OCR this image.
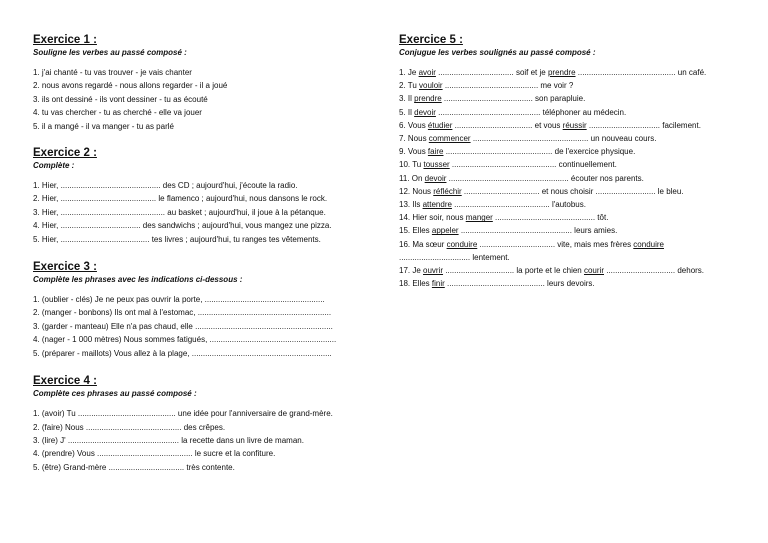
Exercice 1 :
Souligne les verbes au passé composé :
1. j'ai chanté - tu vas trouver - je vais chanter
2. nous avons regardé - nous allons regarder - il a joué
3. ils ont dessiné - ils vont dessiner - tu as écouté
4. tu vas chercher - tu as cherché - elle va jouer
5. il a mangé - il va manger - tu as parlé
Exercice 2 :
Complète :
1. Hier, ............................................. des CD ; aujourd'hui, j'écoute la radio.
2. Hier, ........................................... le flamenco ; aujourd'hui, nous dansons le rock.
3. Hier, ............................................... au basket ; aujourd'hui, il joue à la pétanque.
4. Hier, .................................... des sandwichs ; aujourd'hui, vous mangez une pizza.
5. Hier, ........................................ tes livres ; aujourd'hui, tu ranges tes vêtements.
Exercice 3 :
Complète les phrases avec les indications ci-dessous :
1. (oublier - clés) Je ne peux pas ouvrir la porte, ......................................................
2. (manger - bonbons) Ils ont mal à l'estomac, ............................................................
3. (garder - manteau) Elle n'a pas chaud, elle ..............................................................
4. (nager - 1 000 mètres) Nous sommes fatigués, .........................................................
5. (préparer - maillots) Vous allez à la plage, ...............................................................
Exercice 4 :
Complète ces phrases au passé composé :
1. (avoir) Tu ............................................ une idée pour l'anniversaire de grand-mère.
2. (faire) Nous ........................................... des crêpes.
3. (lire) J' .................................................. la recette dans un livre de maman.
4. (prendre) Vous ........................................... le sucre et la confiture.
5. (être) Grand-mère .................................. très contente.
Exercice 5 :
Conjugue les verbes soulignés au passé composé :
1. Je avoir .................................. soif et je prendre ............................................ un café.
2. Tu vouloir .......................................... me voir ?
3. Il prendre ........................................ son parapluie.
5. Il devoir .............................................. téléphoner au médecin.
6. Vous étudier ................................... et vous réussir ................................ facilement.
7. Nous commencer .................................................... un nouveau cours.
9. Vous faire ................................................ de l'exercice physique.
10. Tu tousser ............................................... continuellement.
11. On devoir ...................................................... écouter nos parents.
12. Nous réfléchir .................................. et nous choisir ........................... le bleu.
13. Ils attendre ........................................... l'autobus.
14. Hier soir, nous manger ............................................. tôt.
15. Elles appeler .................................................. leurs amies.
16. Ma sœur conduire .................................. vite, mais mes frères conduire
................................ lentement.
17. Je ouvrir ............................... la porte et le chien courir ............................... dehors.
18. Elles finir ............................................ leurs devoirs.
